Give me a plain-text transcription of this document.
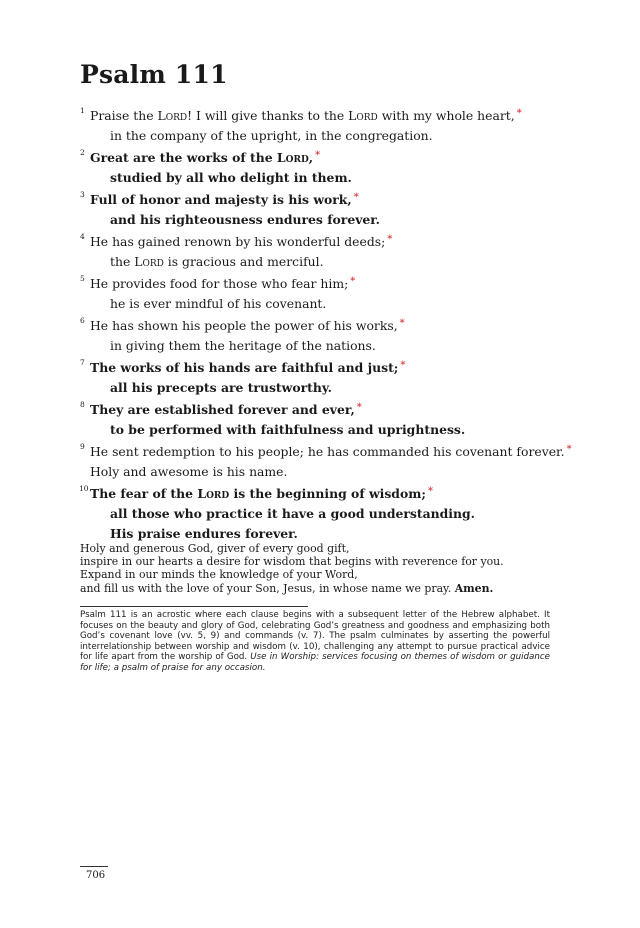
Psalm 111
1 Praise the Lord! I will give thanks to the Lord with my whole heart, *
in the company of the upright, in the congregation.
2 Great are the works of the Lord, *
studied by all who delight in them.
3 Full of honor and majesty is his work, *
and his righteousness endures forever.
4 He has gained renown by his wonderful deeds; *
the Lord is gracious and merciful.
5 He provides food for those who fear him; *
he is ever mindful of his covenant.
6 He has shown his people the power of his works, *
in giving them the heritage of the nations.
7 The works of his hands are faithful and just; *
all his precepts are trustworthy.
8 They are established forever and ever, *
to be performed with faithfulness and uprightness.
9 He sent redemption to his people; he has commanded his covenant forever. *
Holy and awesome is his name.
10 The fear of the Lord is the beginning of wisdom; *
all those who practice it have a good understanding.
His praise endures forever.
Holy and generous God, giver of every good gift,
inspire in our hearts a desire for wisdom that begins with reverence for you.
Expand in our minds the knowledge of your Word,
and fill us with the love of your Son, Jesus, in whose name we pray. Amen.
Psalm 111 is an acrostic where each clause begins with a subsequent letter of the Hebrew alphabet. It focuses on the beauty and glory of God, celebrating God’s greatness and goodness and emphasizing both God’s covenant love (vv. 5, 9) and commands (v. 7). The psalm culminates by asserting the powerful interrelationship between worship and wisdom (v. 10), challenging any attempt to pursue practical advice for life apart from the worship of God. Use in Worship: services focusing on themes of wisdom or guidance for life; a psalm of praise for any occasion.
706
